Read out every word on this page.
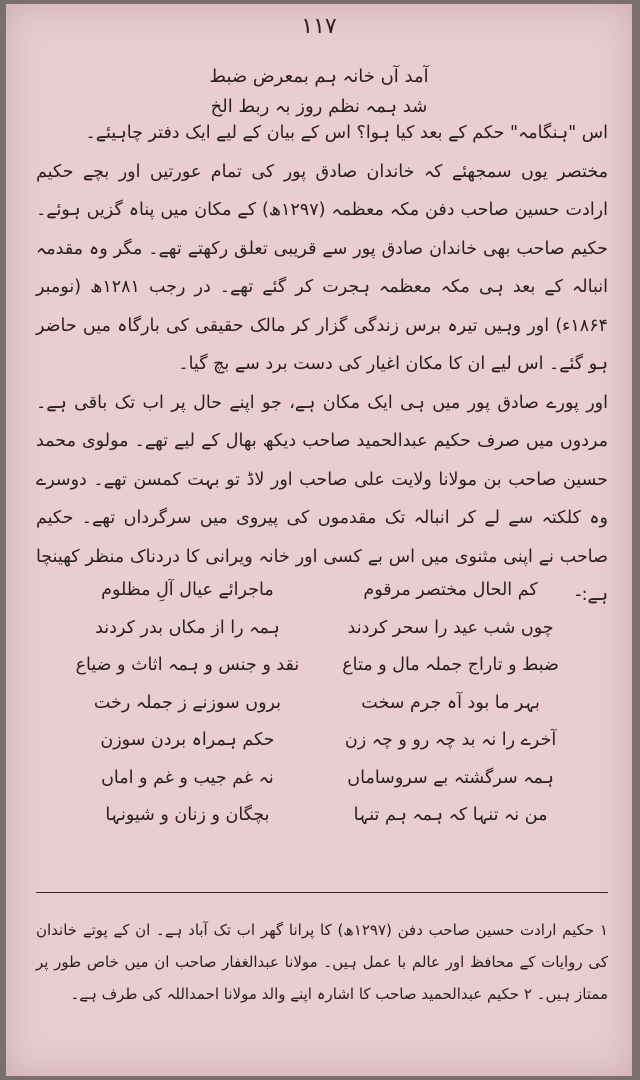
۱۱۷
آمد آں خانہ ہم بمعرض ضبط شد ہمہ نظم روز بہ ربط الخ

اس "ہنگامہ" حکم کے بعد کیا ہوا؟ اس کے بیان کے لیے ایک دفتر چاہیئے۔

مختصر یوں سمجھئے کہ خاندان صادق پور کی تمام عورتیں اور بچے حکیم ارادت حسین صاحب دفن مکہ معظمہ (۱۲۹۷ھ) کے مکان میں پناہ گزیں ہوئے۔ حکیم صاحب بھی خاندان صادق پور سے قریبی تعلق رکھتے تھے۔ مگر وہ مقدمہ انبالہ کے بعد ہی مکہ معظمہ ہجرت کر گئے تھے۔ در رجب ۱۲۸۱ھ (نومبر ۱۸۶۴ء) اور وہیں تیرہ برس زندگی گزار کر مالک حقیقی کی بارگاہ میں حاضر ہو گئے۔ اس لیے ان کا مکان اغیار کی دست برد سے بچ گیا۔

اور پورے صادق پور میں ہی ایک مکان ہے، جو اپنے حال پر اب تک باقی ہے۔ مردوں میں صرف حکیم عبدالحمید صاحب دیکھ بھال کے لیے تھے۔ مولوی محمد حسین صاحب بن مولانا ولایت علی صاحب اور لاڈ تو بہت کمسن تھے۔ دوسرے وہ کلکتہ سے لے کر انبالہ تک مقدموں کی پیروی میں سرگرداں تھے۔ حکیم صاحب نے اپنی مثنوی میں اس بے کسی اور خانہ ویرانی کا دردناک منظر کھینچا ہے:-

کم الحال مختصر مرقوم
ماجرائے عیال آلِ مظلوم
چوں شب عید را سحر کردند
ہمہ را از مکاں بدر کردند
ضبط و تاراج جملہ مال و متاع
نقد و جنس و ہمہ اثاث و ضیاع
بہر ما بود آہ جرم سخت
بروں سوزنے ز جملہ رخت
آخرے را نہ بد چہ رو و چہ زن
حکم ہمراہ بردن سوزن
ہمہ سرگشتہ بے سروساماں
نہ غم جیب و غم و اماں
من نہ تنہا کہ ہمہ ہم تنہا
بچگان و زنان و شیونہا

۱ حکیم ارادت حسین صاحب دفن (۱۲۹۷ھ) کا پرانا گھر اب تک آباد ہے۔ ان کے پوتے خاندان کی روایات کے محافظ اور عالم با عمل ہیں۔ مولانا عبدالغفار صاحب ان میں خاص طور پر ممتاز ہیں۔ ۲ حکیم عبدالحمید صاحب کا اشارہ اپنے والد مولانا احمداللہ کی طرف ہے۔
